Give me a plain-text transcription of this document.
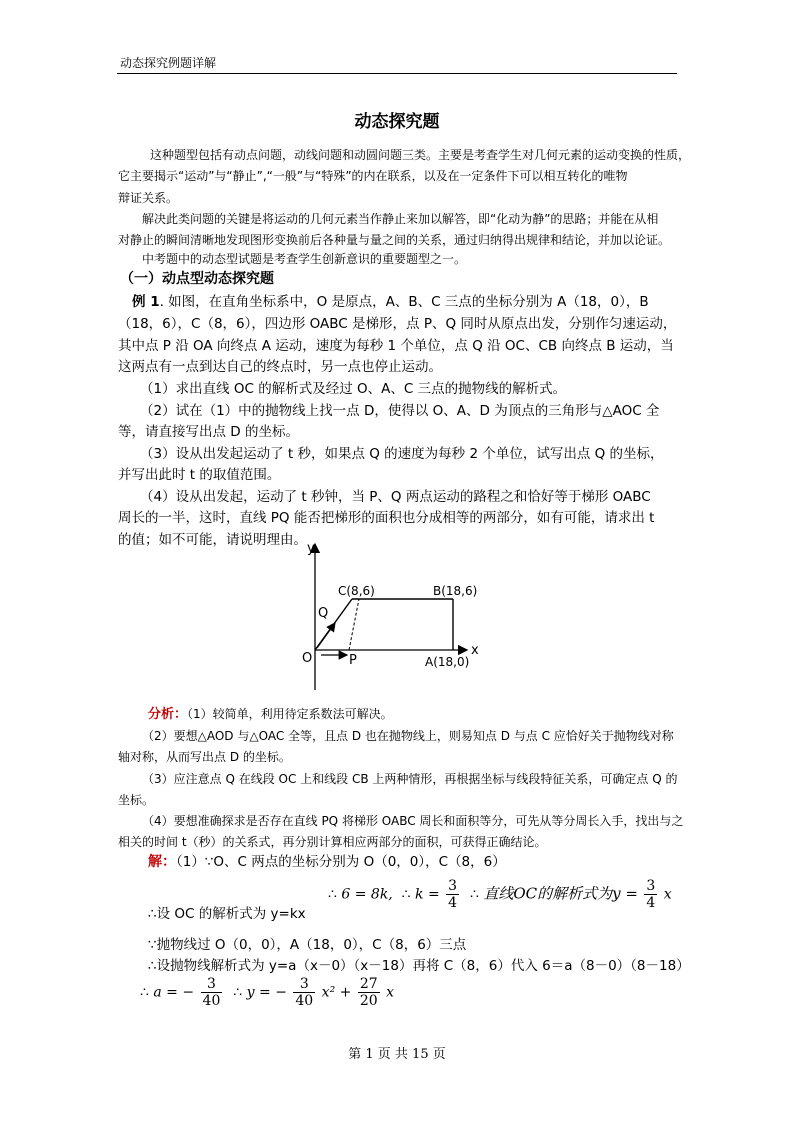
动态探究例题详解
动态探究题
这种题型包括有动点问题，动线问题和动圆问题三类。主要是考查学生对几何元素的运动变换的性质，
它主要揭示“运动”与“静止”,“一般”与“特殊”的内在联系，以及在一定条件下可以相互转化的唯物
辩证关系。
解决此类问题的关键是将运动的几何元素当作静止来加以解答，即“化动为静”的思路；并能在从相
对静止的瞬间清晰地发现图形变换前后各种量与量之间的关系，通过归纳得出规律和结论，并加以论证。
中考题中的动态型试题是考查学生创新意识的重要题型之一。
（一）动点型动态探究题
例 1. 如图，在直角坐标系中，O 是原点，A、B、C 三点的坐标分别为 A（18，0），B
（18，6），C（8，6），四边形 OABC 是梯形，点 P、Q 同时从原点出发，分别作匀速运动，
其中点 P 沿 OA 向终点 A 运动，速度为每秒 1 个单位，点 Q 沿 OC、CB 向终点 B 运动，当
这两点有一点到达自己的终点时，另一点也停止运动。
（1）求出直线 OC 的解析式及经过 O、A、C 三点的抛物线的解析式。
（2）试在（1）中的抛物线上找一点 D，使得以 O、A、D 为顶点的三角形与△AOC 全
等，请直接写出点 D 的坐标。
（3）设从出发起运动了 t 秒，如果点 Q 的速度为每秒 2 个单位，试写出点 Q 的坐标，
并写出此时 t 的取值范围。
（4）设从出发起，运动了 t 秒钟，当 P、Q 两点运动的路程之和恰好等于梯形 OABC
周长的一半，这时，直线 PQ 能否把梯形的面积也分成相等的两部分，如有可能，请求出 t
的值；如不可能，请说明理由。
y
x
O	P
Q
C(8,6)	B(18,6)
A(18,0)
分析：（1）较简单，利用待定系数法可解决。
（2）要想△AOD 与△OAC 全等，且点 D 也在抛物线上，则易知点 D 与点 C 应恰好关于抛物线对称
轴对称，从而写出点 D 的坐标。
（3）应注意点 Q 在线段 OC 上和线段 CB 上两种情形，再根据坐标与线段特征关系，可确定点 Q 的
坐标。
（4）要想准确探求是否存在直线 PQ 将梯形 OABC 周长和面积等分，可先从等分周长入手，找出与之
相关的时间 t（秒）的关系式，再分别计算相应两部分的面积，可获得正确结论。
解：（1）∵O、C 两点的坐标分别为 O（0，0），C（8，6）
∴设 OC 的解析式为 y=kx
∴ 6 = 8k, ∴ $k = \frac{3}{4}$ ∴ 直线OC的解析式为$y = \frac{3}{4}$ x
∵抛物线过 O（0，0），A（18，0），C（8，6）三点
∴设抛物线解析式为 y=a（x－0）（x－18）再将 C（8，6）代入 6＝a（8－0）（8－18）
∴ a = − $\frac{3}{40}$ ∴ y = − $\frac{3}{40} x^2 + \frac{27}{20}$ x
第 1 页 共 15 页
